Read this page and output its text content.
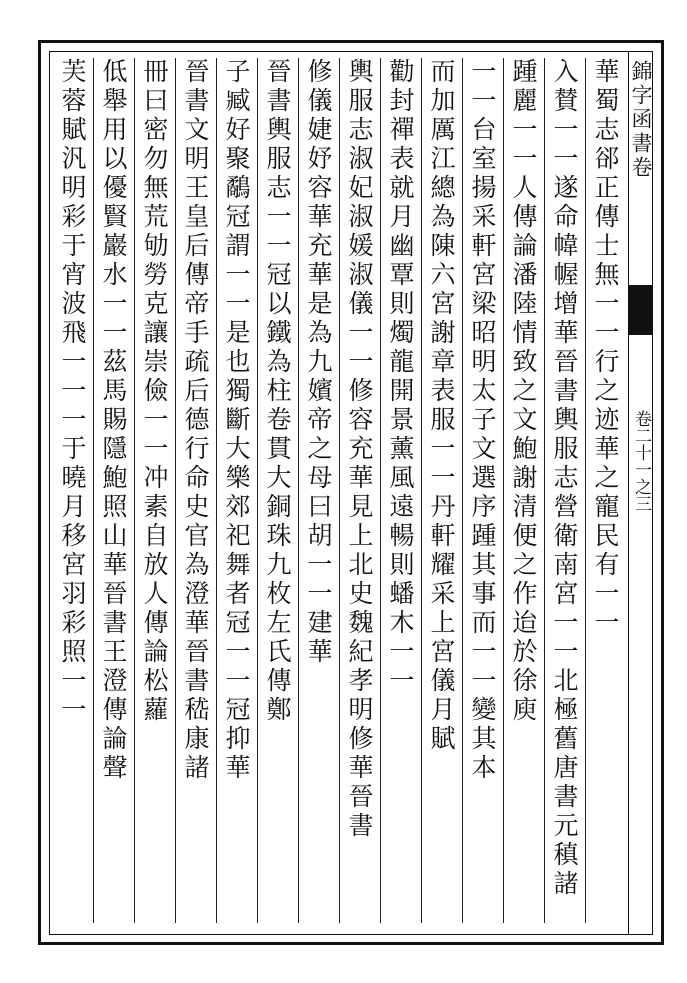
錦字函書卷
卷二十一之三
華蜀志郤正傳士無一一行之迹華之寵民有一一
入賛一一遂命幃幄增華晉書輿服志營衛南宮一一北極舊唐書元稹諸
踵麗一一人傳論潘陸情致之文鮑謝清便之作迨於徐庾
一一台室揚采軒宮梁昭明太子文選序踵其事而一一變其本
而加厲江總為陳六宮謝章表服一一丹軒耀采上宮儀月賦
勸封禪表就月幽覃則燭龍開景薰風遠暢則蟠木一一
輿服志淑妃淑媛淑儀一一修容充華見上北史魏紀孝明修華晉書
修儀婕妤容華充華是為九嬪帝之母曰胡一一建華
晉書輿服志一一冠以鐵為柱卷貫大銅珠九枚左氏傳鄭
子臧好聚鷸冠謂一一是也獨斷大樂郊祀舞者冠一一冠抑華
晉書文明王皇后傳帝手疏后德行命史官為澄華晉書嵇康諸
冊曰密勿無荒劬勞克讓崇儉一一冲素自放人傳論松蘿
低舉用以優賢巖水一一茲馬賜隱鮑照山華晉書王澄傳論聲
芙蓉賦汎明彩于宵波飛一一一于曉月移宮羽彩照一一
